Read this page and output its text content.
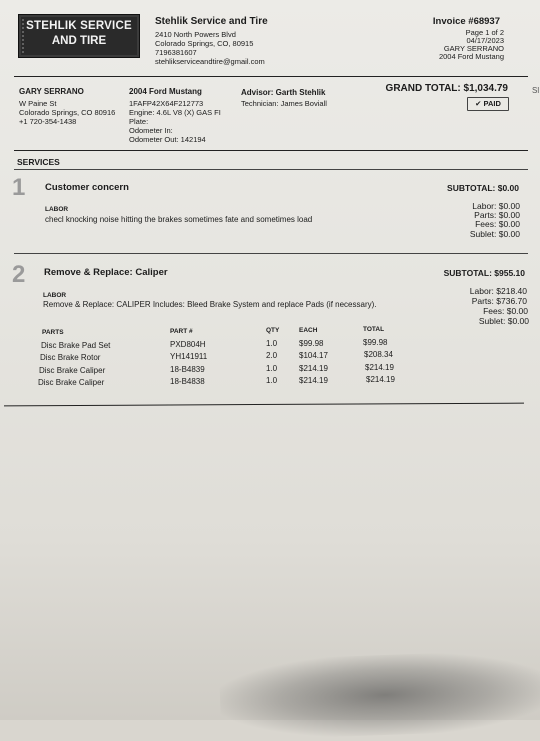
STEHLIK SERVICE
AND TIRE
Stehlik Service and Tire
2410 North Powers Blvd
Colorado Springs, CO, 80915
7196381607
stehlikserviceandtire@gmail.com
Invoice #68937
Page 1 of 2
04/17/2023
GARY SERRANO
2004 Ford Mustang
GARY SERRANO
W Paine St
Colorado Springs, CO 80916
+1 720-354-1438
2004 Ford Mustang
1FAFP42X64F212773
Engine: 4.6L V8 (X) GAS FI
Plate:
Odometer In:
Odometer Out: 142194
Advisor: Garth Stehlik
Technician: James Boviall
GRAND TOTAL: $1,034.79
✔ PAID
Sl
SERVICES
1 Customer concern	SUBTOTAL: $0.00
LABOR
checl knocking noise hitting the brakes sometimes fate and sometimes load
Labor: $0.00
Parts: $0.00
Fees: $0.00
Sublet: $0.00
2 Remove & Replace: Caliper	SUBTOTAL: $955.10
LABOR
Remove & Replace: CALIPER Includes: Bleed Brake System and replace Pads (if necessary).
Labor: $218.40
Parts: $736.70
Fees: $0.00
Sublet: $0.00
PARTS	PART #	QTY	EACH	TOTAL
Disc Brake Pad Set	PXD804H	1.0	$99.98	$99.98
Disc Brake Rotor	YH141911	2.0	$104.17	$208.34
Disc Brake Caliper	18-B4839	1.0	$214.19	$214.19
Disc Brake Caliper	18-B4838	1.0	$214.19	$214.19
